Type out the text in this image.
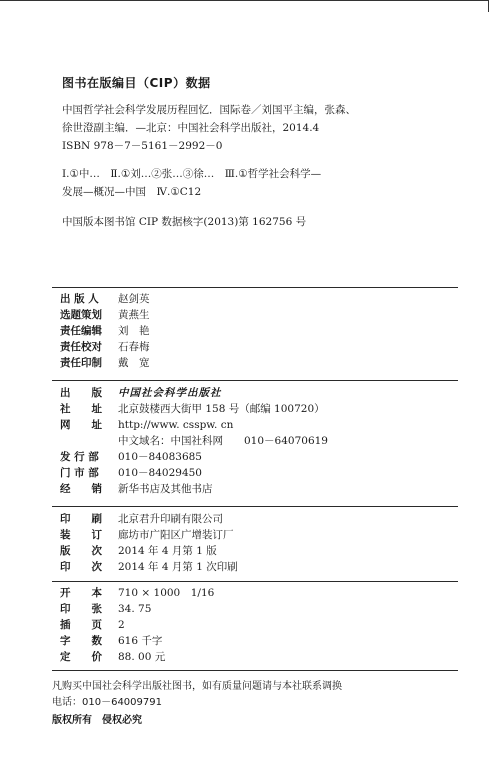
图书在版编目（CIP）数据
中国哲学社会科学发展历程回忆．国际卷／刘国平主编，张森、
徐世澄副主编．—北京：中国社会科学出版社，2014.4
ISBN 978－7－5161－2992－0
Ⅰ.①中…　Ⅱ.①刘…②张…③徐…　Ⅲ.①哲学社会科学—
发展—概况—中国　Ⅳ.①C12
中国版本图书馆 CIP 数据核字(2013)第 162756 号
出 版 人 赵剑英
选题策划 黄燕生
责任编辑 刘　艳
责任校对 石春梅
责任印制 戴　宽
出　　版 中国社会科学出版社
社　　址 北京鼓楼西大街甲 158 号（邮编 100720）
网　　址 http://www. csspw. cn
中文域名：中国社科网　　010－64070619
发 行 部 010－84083685
门 市 部 010－84029450
经　　销 新华书店及其他书店
印　　刷 北京君升印刷有限公司
装　　订 廊坊市广阳区广增装订厂
版　　次 2014 年 4 月第 1 版
印　　次 2014 年 4 月第 1 次印刷
开　　本 710 × 1000　1/16
印　　张 34. 75
插　　页 2
字　　数 616 千字
定　　价 88. 00 元
凡购买中国社会科学出版社图书，如有质量问题请与本社联系调换
电话：010－64009791
版权所有　侵权必究
